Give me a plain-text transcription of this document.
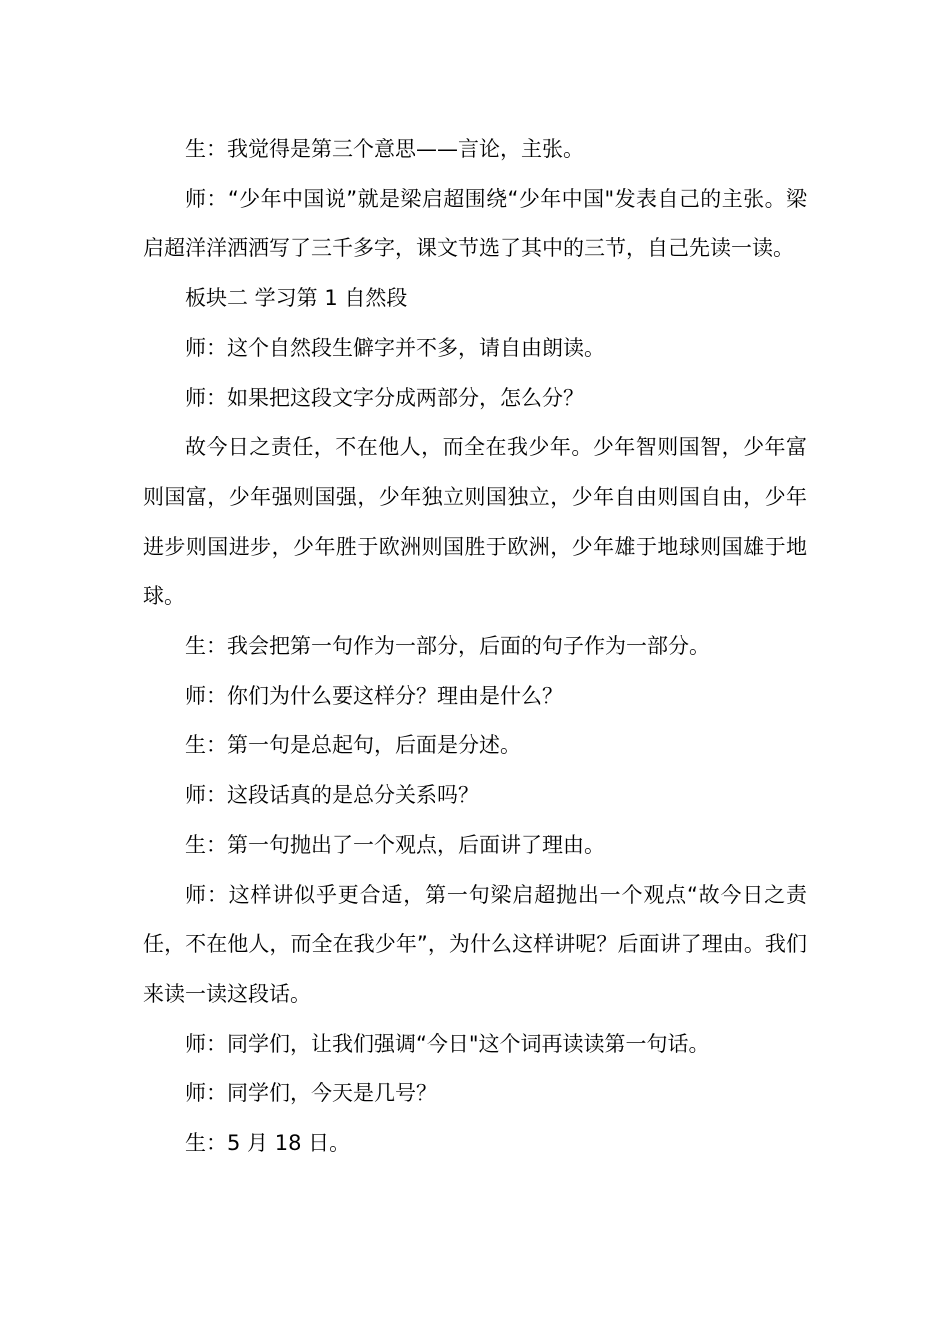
生：我觉得是第三个意思——言论，主张。

师：“少年中国说”就是梁启超围绕“少年中国"发表自己的主张。梁启超洋洋洒洒写了三千多字，课文节选了其中的三节，自己先读一读。

板块二 学习第 1 自然段

师：这个自然段生僻字并不多，请自由朗读。

师：如果把这段文字分成两部分，怎么分？

故今日之责任，不在他人，而全在我少年。少年智则国智，少年富则国富，少年强则国强，少年独立则国独立，少年自由则国自由，少年进步则国进步，少年胜于欧洲则国胜于欧洲，少年雄于地球则国雄于地球。

生：我会把第一句作为一部分，后面的句子作为一部分。

师：你们为什么要这样分？理由是什么？

生：第一句是总起句，后面是分述。

师：这段话真的是总分关系吗？

生：第一句抛出了一个观点，后面讲了理由。

师：这样讲似乎更合适，第一句梁启超抛出一个观点“故今日之责任，不在他人，而全在我少年”，为什么这样讲呢？后面讲了理由。我们来读一读这段话。

师：同学们，让我们强调“今日"这个词再读读第一句话。

师：同学们，今天是几号？

生：5 月 18 日。
